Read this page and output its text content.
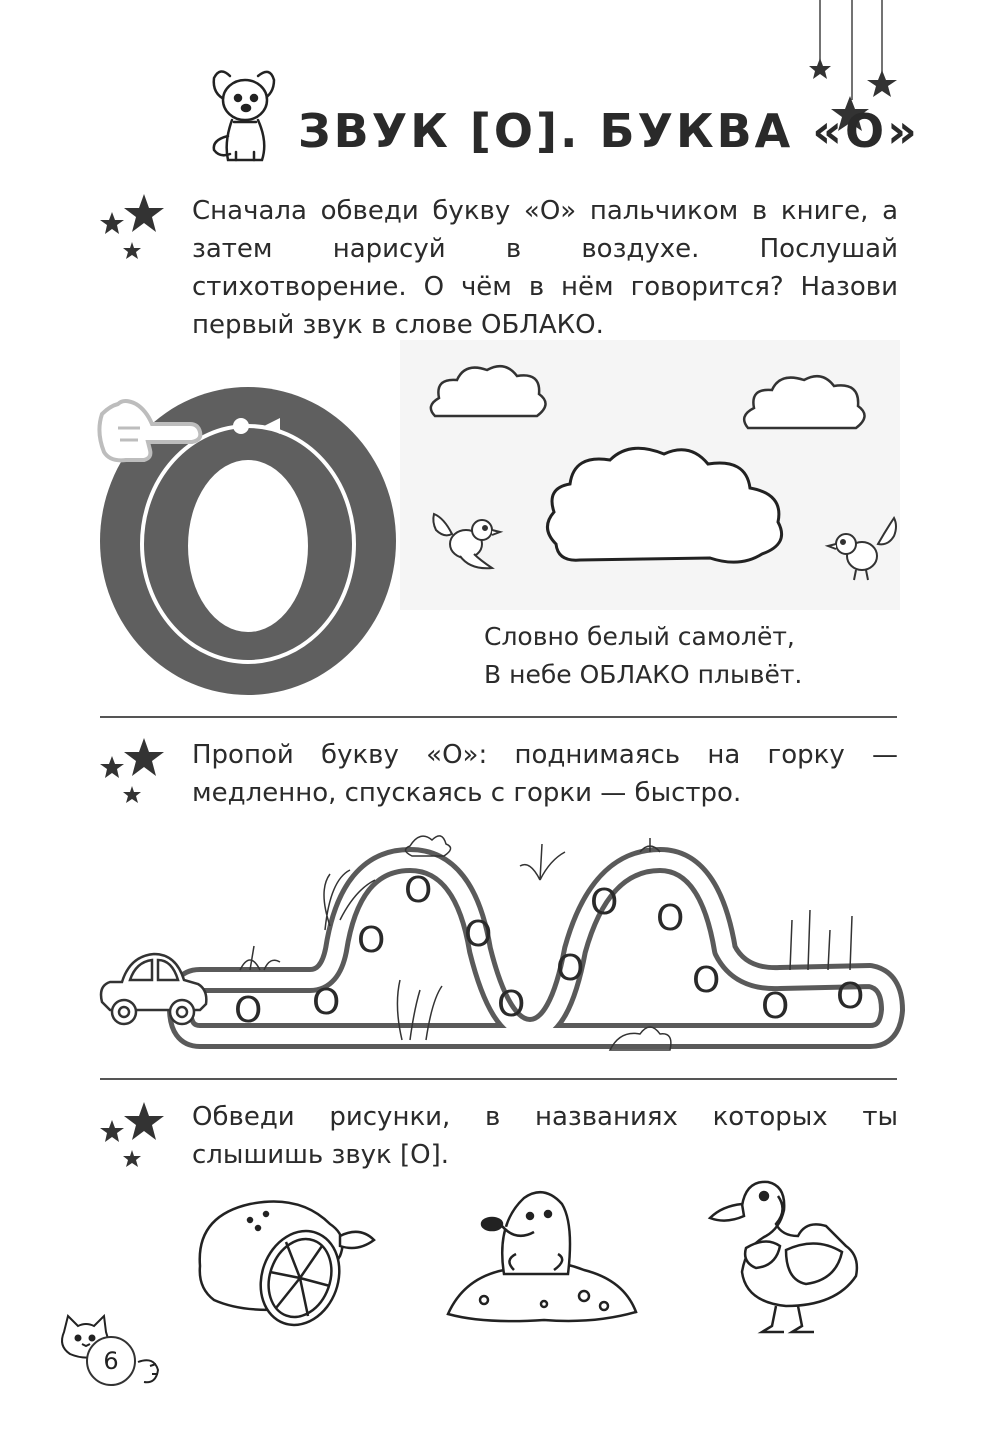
ЗВУК [О]. БУКВА «О»
Сначала обведи букву «О» пальчиком в книге, а затем нарисуй в воздухе. Послушай стихотворение. О чём в нём говорится? Назови первый звук в слове ОБЛАКО.
Словно белый самолёт,
В небе ОБЛАКО плывёт.
Пропой букву «О»: поднимаясь на горку — медленно, спускаясь с горки — быстро.
О О
О
О
О
О
О
О О
О
О О
Обведи рисунки, в названиях которых ты слышишь звук [О].
6
